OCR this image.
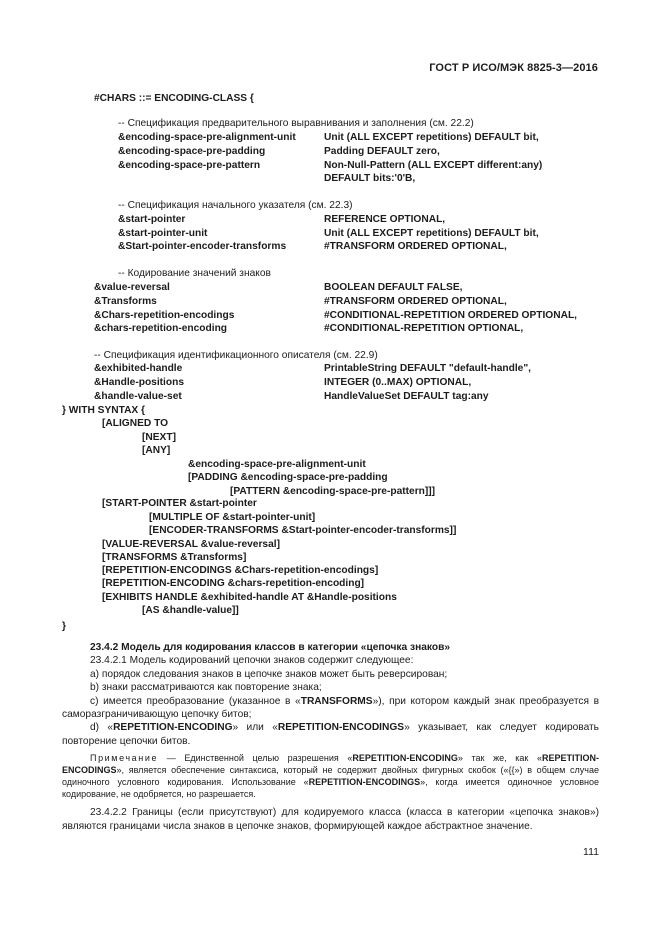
ГОСТ Р ИСО/МЭК 8825-3—2016
#CHARS ::= ENCODING-CLASS {
-- Спецификация предварительного выравнивания и заполнения (см. 22.2)
&encoding-space-pre-alignment-unit	Unit (ALL EXCEPT repetitions) DEFAULT bit,
&encoding-space-pre-padding	Padding DEFAULT zero,
&encoding-space-pre-pattern	Non-Null-Pattern (ALL EXCEPT different:any)
DEFAULT bits:'0'B,
-- Спецификация начального указателя (см. 22.3)
&start-pointer	REFERENCE OPTIONAL,
&start-pointer-unit	Unit (ALL EXCEPT repetitions) DEFAULT bit,
&Start-pointer-encoder-transforms	#TRANSFORM ORDERED OPTIONAL,
-- Кодирование значений знаков
&value-reversal	BOOLEAN DEFAULT FALSE,
&Transforms	#TRANSFORM ORDERED OPTIONAL,
&Chars-repetition-encodings	#CONDITIONAL-REPETITION ORDERED OPTIONAL,
&chars-repetition-encoding	#CONDITIONAL-REPETITION OPTIONAL,
-- Спецификация идентификационного описателя (см. 22.9)
&exhibited-handle	PrintableString DEFAULT "default-handle",
&Handle-positions	INTEGER (0..MAX) OPTIONAL,
&handle-value-set	HandleValueSet DEFAULT tag:any
} WITH SYNTAX {
[ALIGNED TO
[NEXT]
[ANY]
&encoding-space-pre-alignment-unit
[PADDING &encoding-space-pre-padding
[PATTERN &encoding-space-pre-pattern]]]
[START-POINTER &start-pointer
[MULTIPLE OF &start-pointer-unit]
[ENCODER-TRANSFORMS &Start-pointer-encoder-transforms]]
[VALUE-REVERSAL &value-reversal]
[TRANSFORMS &Transforms]
[REPETITION-ENCODINGS &Chars-repetition-encodings]
[REPETITION-ENCODING &chars-repetition-encoding]
[EXHIBITS HANDLE &exhibited-handle AT &Handle-positions
[AS &handle-value]]
}

23.4.2 Модель для кодирования классов в категории «цепочка знаков»

23.4.2.1 Модель кодирований цепочки знаков содержит следующее:

а) порядок следования знаков в цепочке знаков может быть реверсирован;

b) знаки рассматриваются как повторение знака;

с) имеется преобразование (указанное в «TRANSFORMS»), при котором каждый знак преобразуется в саморазграничивающую цепочку битов;

d) «REPETITION-ENCODING» или «REPETITION-ENCODINGS» указывает, как следует кодировать повторение цепочки битов.

Примечание — Единственной целью разрешения «REPETITION-ENCODING» так же, как «REPETITION-ENCODINGS», является обеспечение синтаксиса, который не содержит двойных фигурных скобок («{{») в общем случае одиночного условного кодирования. Использование «REPETITION-ENCODINGS», когда имеется одиночное условное кодирование, не одобряется, но разрешается.

23.4.2.2 Границы (если присутствуют) для кодируемого класса (класса в категории «цепочка знаков») являются границами числа знаков в цепочке знаков, формирующей каждое абстрактное значение.

111
